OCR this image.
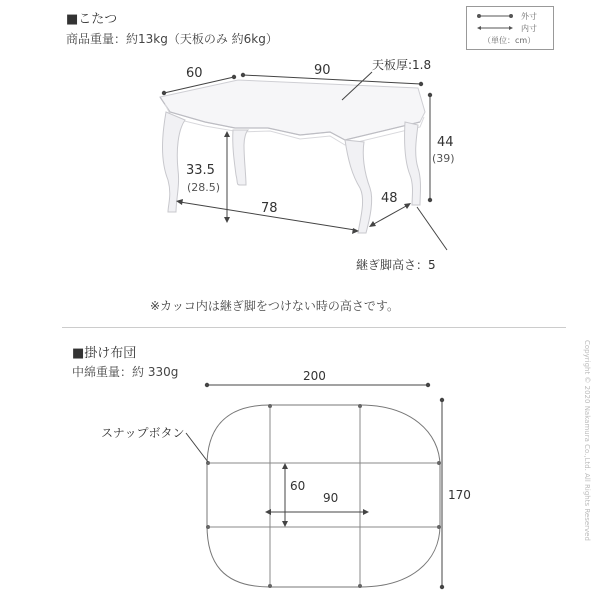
■こたつ
商品重量：約13kg（天板のみ 約6kg）
外寸
内寸
（単位：cm）
60	90	天板厚:1.8
44
(39)
33.5
(28.5)
78
48
継ぎ脚高さ：5
※カッコ内は継ぎ脚をつけない時の高さです。
■掛け布団
中綿重量：約 330g	200
170
60
90
スナップボタン	Copyright © 2020 Nakamura Co.,Ltd. All Rights Reserved
